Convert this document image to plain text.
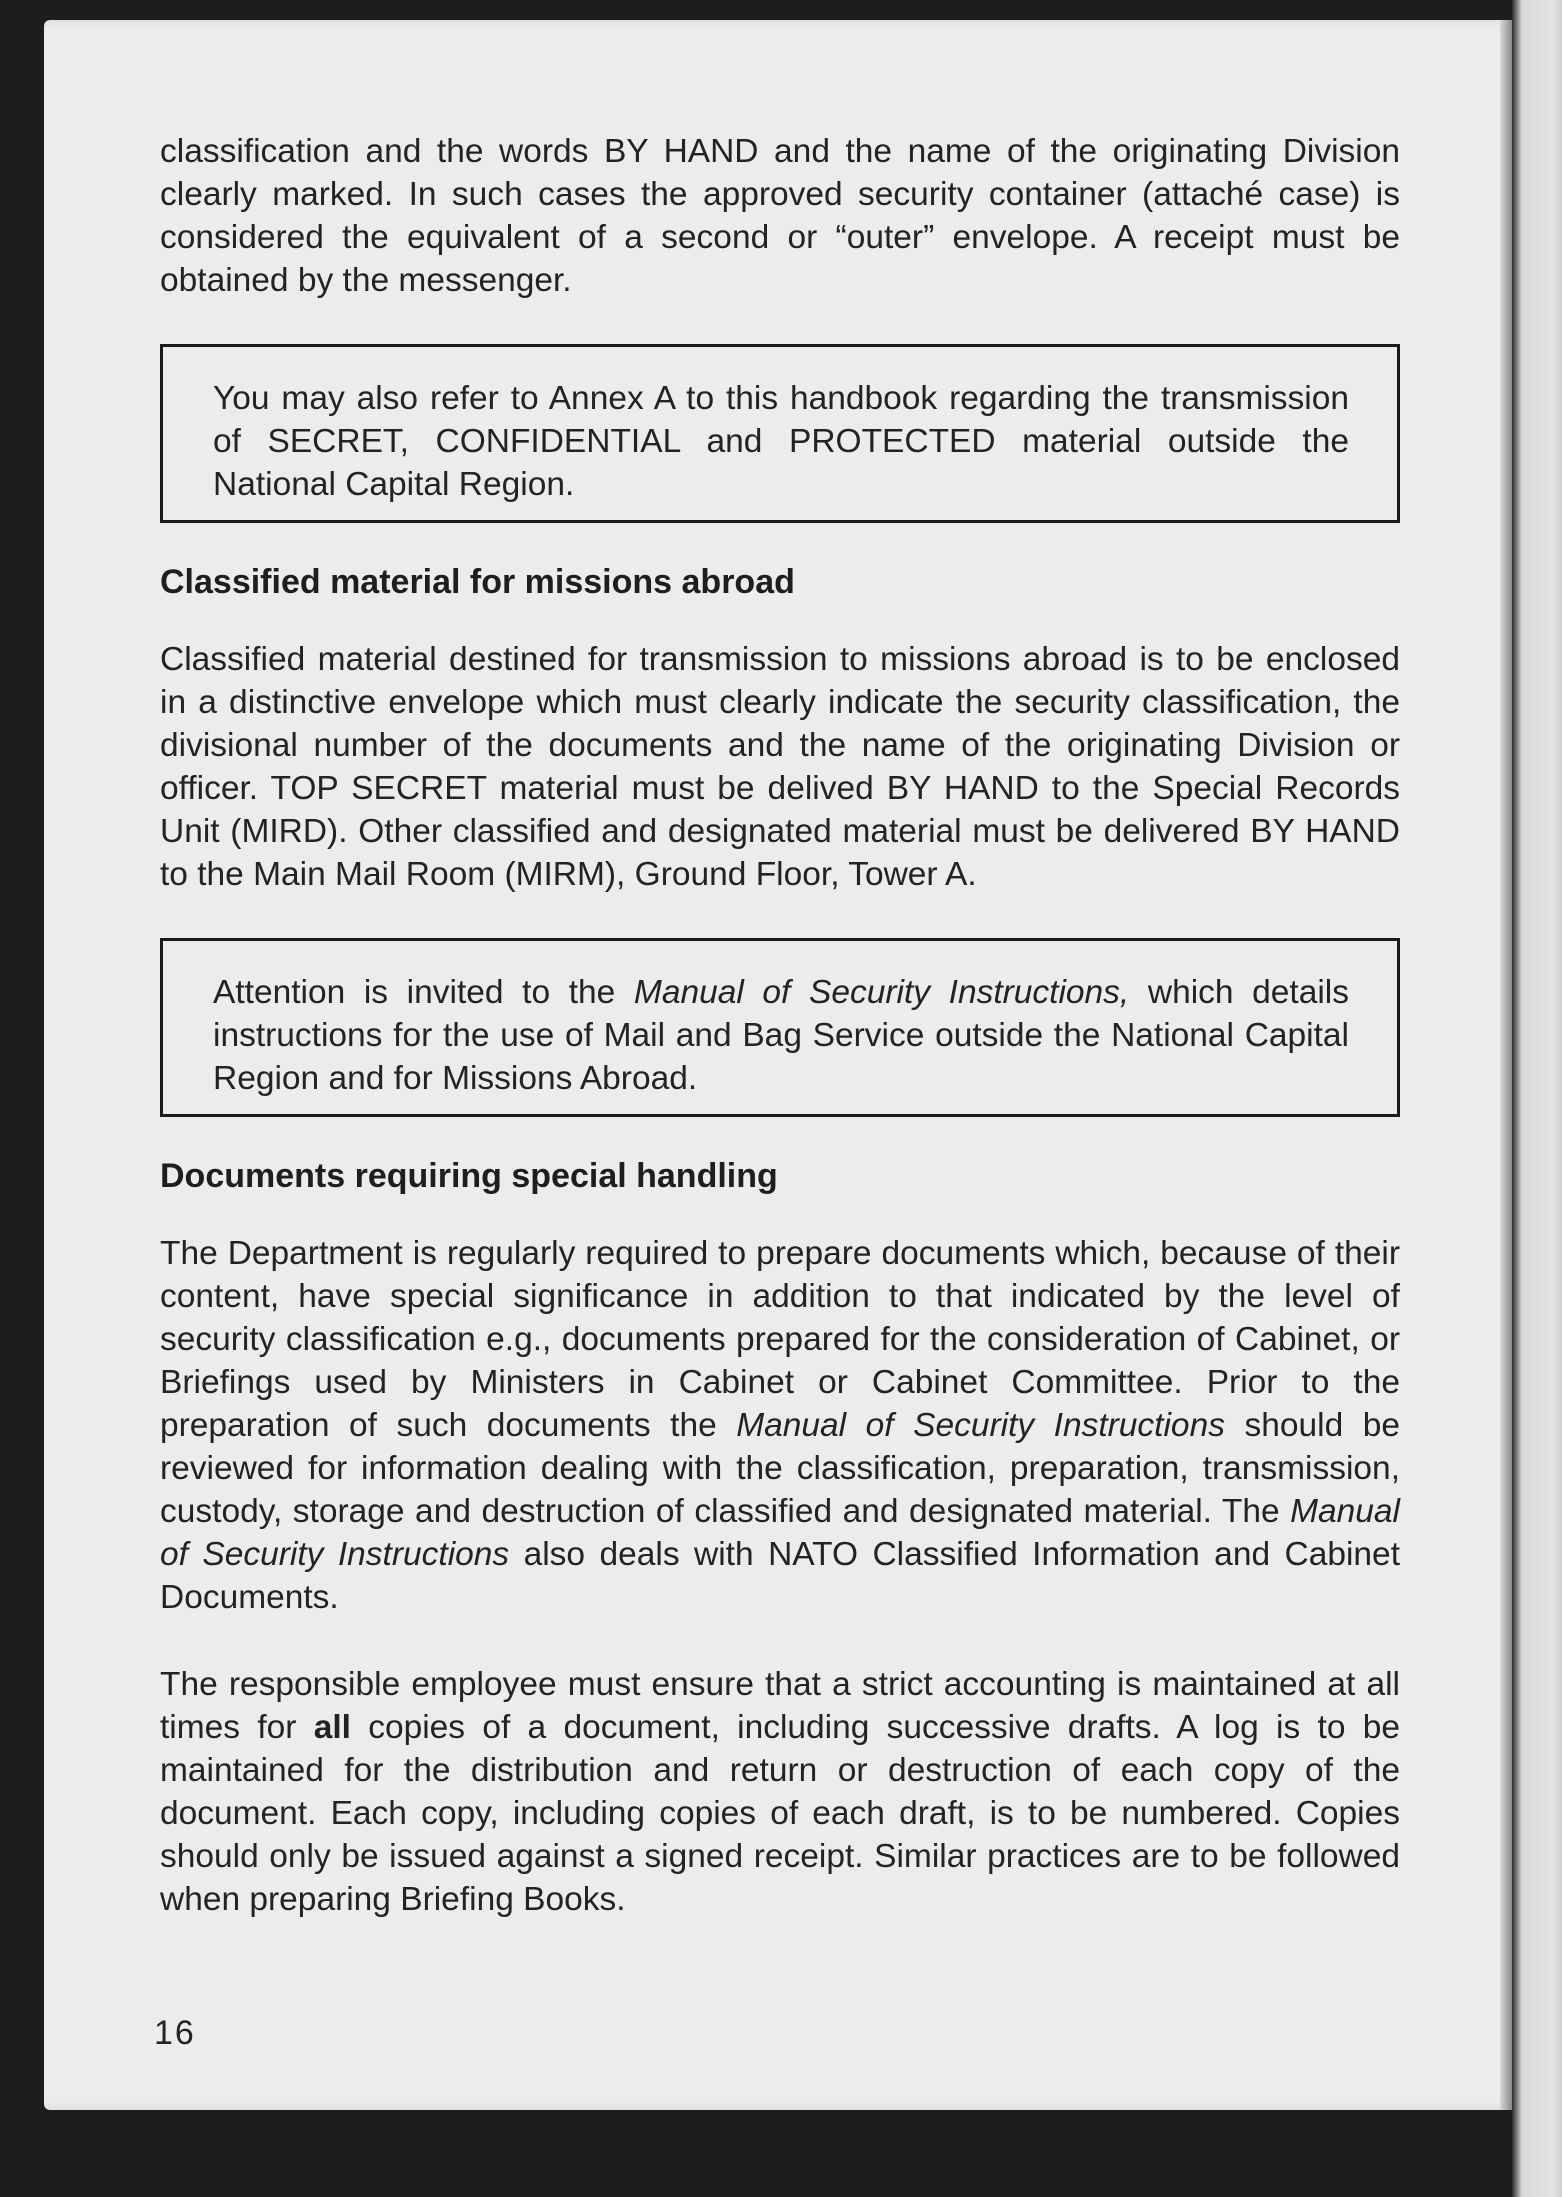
classification and the words BY HAND and the name of the originating Division clearly marked. In such cases the approved security container (attaché case) is considered the equivalent of a second or “outer” envelope. A receipt must be obtained by the messenger.

You may also refer to Annex A to this handbook regarding the transmission of SECRET, CONFIDENTIAL and PROTECTED material outside the National Capital Region.

Classified material for missions abroad

Classified material destined for transmission to missions abroad is to be enclosed in a distinctive envelope which must clearly indicate the security classification, the divisional number of the documents and the name of the originating Division or officer. TOP SECRET material must be delived BY HAND to the Special Records Unit (MIRD). Other classified and designated material must be delivered BY HAND to the Main Mail Room (MIRM), Ground Floor, Tower A.

Attention is invited to the Manual of Security Instructions, which details instructions for the use of Mail and Bag Service outside the National Capital Region and for Missions Abroad.

Documents requiring special handling

The Department is regularly required to prepare documents which, because of their content, have special significance in addition to that indicated by the level of security classification e.g., documents prepared for the consideration of Cabinet, or Briefings used by Ministers in Cabinet or Cabinet Committee. Prior to the preparation of such documents the Manual of Security Instructions should be reviewed for information dealing with the classification, preparation, transmission, custody, storage and destruction of classified and designated material. The Manual of Security Instructions also deals with NATO Classified Information and Cabinet Documents.

The responsible employee must ensure that a strict accounting is maintained at all times for all copies of a document, including successive drafts. A log is to be maintained for the distribution and return or destruction of each copy of the document. Each copy, including copies of each draft, is to be numbered. Copies should only be issued against a signed receipt. Similar practices are to be followed when preparing Briefing Books.

16
